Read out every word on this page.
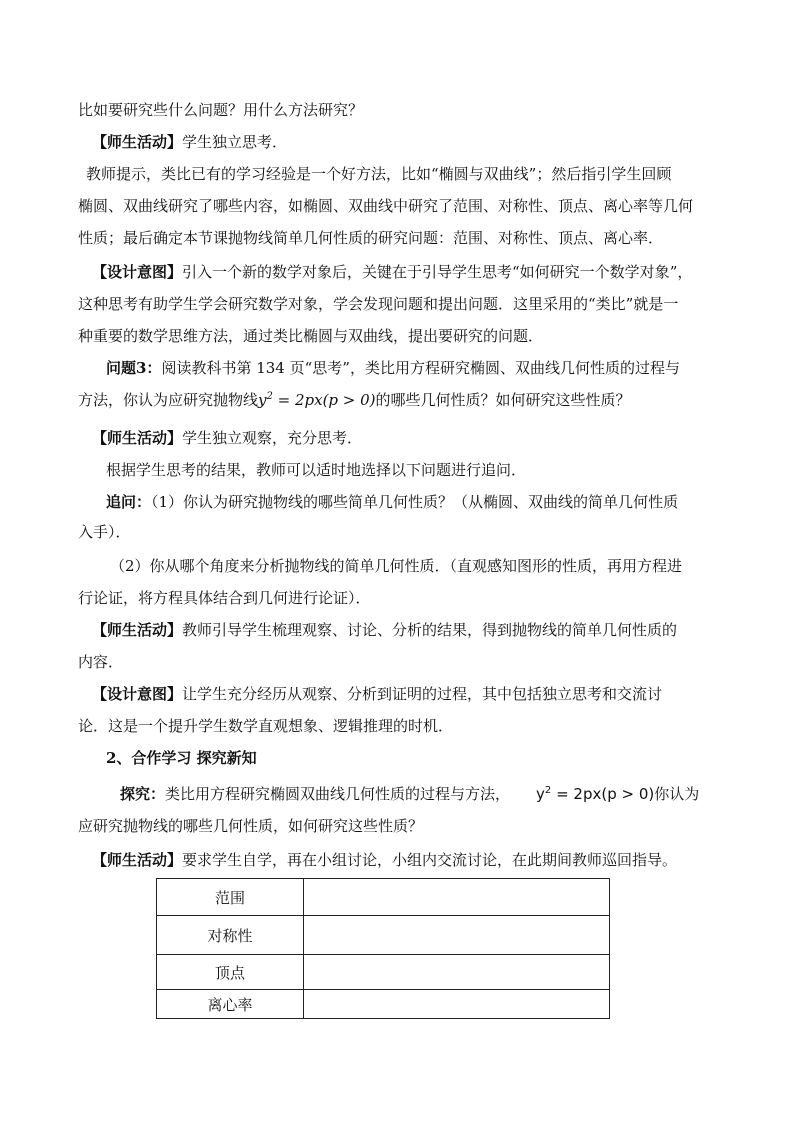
比如要研究些什么问题？用什么方法研究？
【师生活动】学生独立思考．
教师提示，类比已有的学习经验是一个好方法，比如“椭圆与双曲线”；然后指引学生回顾
椭圆、双曲线研究了哪些内容，如椭圆、双曲线中研究了范围、对称性、顶点、离心率等几何
性质；最后确定本节课抛物线简单几何性质的研究问题：范围、对称性、顶点、离心率．
【设计意图】引入一个新的数学对象后，关键在于引导学生思考“如何研究一个数学对象”，
这种思考有助学生学会研究数学对象，学会发现问题和提出问题．这里采用的“类比”就是一
种重要的数学思维方法，通过类比椭圆与双曲线，提出要研究的问题．
问题3：阅读教科书第 134 页“思考”，类比用方程研究椭圆、双曲线几何性质的过程与
方法，你认为应研究抛物线$y^2 = 2px(p > 0)$的哪些几何性质？如何研究这些性质？
【师生活动】学生独立观察，充分思考．
根据学生思考的结果，教师可以适时地选择以下问题进行追问．
追问：（1）你认为研究抛物线的哪些简单几何性质？（从椭圆、双曲线的简单几何性质
入手）．
（2）你从哪个角度来分析抛物线的简单几何性质．（直观感知图形的性质，再用方程进
行论证，将方程具体结合到几何进行论证）．
【师生活动】教师引导学生梳理观察、讨论、分析的结果，得到抛物线的简单几何性质的
内容．
【设计意图】让学生充分经历从观察、分析到证明的过程，其中包括独立思考和交流讨
论．这是一个提升学生数学直观想象、逻辑推理的时机．
2、合作学习 探究新知
探究：类比用方程研究椭圆双曲线几何性质的过程与方法， $y^2 = 2px(p > 0)$你认为
应研究抛物线的哪些几何性质，如何研究这些性质？
【师生活动】要求学生自学，再在小组讨论，小组内交流讨论，在此期间教师巡回指导。
范围	
对称性	
顶点	
离心率	
